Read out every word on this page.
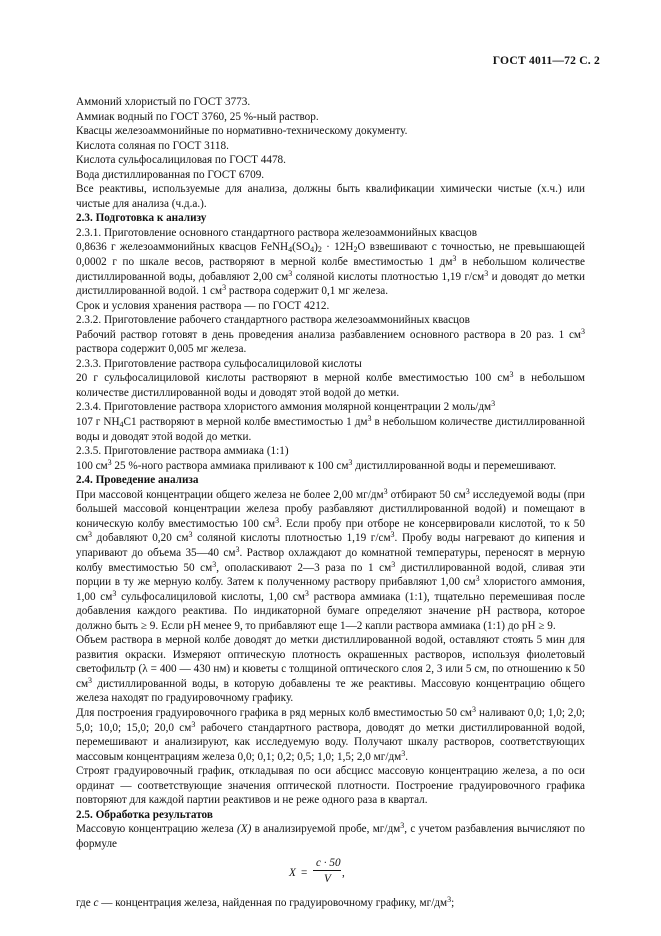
ГОСТ 4011—72 С. 2

Аммоний хлористый по ГОСТ 3773.

Аммиак водный по ГОСТ 3760, 25 %-ный раствор.

Квасцы железоаммонийные по нормативно-техническому документу.

Кислота соляная по ГОСТ 3118.

Кислота сульфосалициловая по ГОСТ 4478.

Вода дистиллированная по ГОСТ 6709.

Все реактивы, используемые для анализа, должны быть квалификации химически чистые (х.ч.) или чистые для анализа (ч.д.а.).

2.3. Подготовка к анализу

2.3.1. Приготовление основного стандартного раствора железоаммонийных квасцов

0,8636 г железоаммонийных квасцов $FeNH_4(SO_4)_2 \cdot 12H_2O$ взвешивают с точностью, не превышающей 0,0002 г по шкале весов, растворяют в мерной колбе вместимостью 1 $дм^3$ в небольшом количестве дистиллированной воды, добавляют 2,00 $см^3$ соляной кислоты плотностью 1,19 $г/см^3$ и доводят до метки дистиллированной водой. 1 $см^3$ раствора содержит 0,1 мг железа.

Срок и условия хранения раствора — по ГОСТ 4212.

2.3.2. Приготовление рабочего стандартного раствора железоаммонийных квасцов

Рабочий раствор готовят в день проведения анализа разбавлением основного раствора в 20 раз. 1 $см^3$ раствора содержит 0,005 мг железа.

2.3.3. Приготовление раствора сульфосалициловой кислоты

20 г сульфосалициловой кислоты растворяют в мерной колбе вместимостью 100 $см^3$ в небольшом количестве дистиллированной воды и доводят этой водой до метки.

2.3.4. Приготовление раствора хлористого аммония молярной концентрации 2 моль/$дм^3$

107 г $NH_4C1$ растворяют в мерной колбе вместимостью 1 $дм^3$ в небольшом количестве дистиллированной воды и доводят этой водой до метки.

2.3.5. Приготовление раствора аммиака (1:1)

100 $см^3$ 25 %-ного раствора аммиака приливают к 100 $см^3$ дистиллированной воды и перемешивают.

2.4. Проведение анализа

При массовой концентрации общего железа не более 2,00 $мг/дм^3$ отбирают 50 $см^3$ исследуемой воды (при большей массовой концентрации железа пробу разбавляют дистиллированной водой) и помещают в коническую колбу вместимостью 100 $см^3$. Если пробу при отборе не консервировали кислотой, то к 50 $см^3$ добавляют 0,20 $см^3$ соляной кислоты плотностью 1,19 $г/см^3$. Пробу воды нагревают до кипения и упаривают до объема 35—40 $см^3$. Раствор охлаждают до комнатной температуры, переносят в мерную колбу вместимостью 50 $см^3$, ополаскивают 2—3 раза по 1 $см^3$ дистиллированной водой, сливая эти порции в ту же мерную колбу. Затем к полученному раствору прибавляют 1,00 $см^3$ хлористого аммония, 1,00 $см^3$ сульфосалициловой кислоты, 1,00 $см^3$ раствора аммиака (1:1), тщательно перемешивая после добавления каждого реактива. По индикаторной бумаге определяют значение pH раствора, которое должно быть ≥ 9. Если pH менее 9, то прибавляют еще 1—2 капли раствора аммиака (1:1) до pH ≥ 9.

Объем раствора в мерной колбе доводят до метки дистиллированной водой, оставляют стоять 5 мин для развития окраски. Измеряют оптическую плотность окрашенных растворов, используя фиолетовый светофильтр (λ = 400 — 430 нм) и кюветы с толщиной оптического слоя 2, 3 или 5 см, по отношению к 50 $см^3$ дистиллированной воды, в которую добавлены те же реактивы. Массовую концентрацию общего железа находят по градуировочному графику.

Для построения градуировочного графика в ряд мерных колб вместимостью 50 $см^3$ наливают 0,0; 1,0; 2,0; 5,0; 10,0; 15,0; 20,0 $см^3$ рабочего стандартного раствора, доводят до метки дистиллированной водой, перемешивают и анализируют, как исследуемую воду. Получают шкалу растворов, соответствующих массовым концентрациям железа 0,0; 0,1; 0,2; 0,5; 1,0; 1,5; 2,0 $мг/дм^3$.

Строят градуировочный график, откладывая по оси абсцисс массовую концентрацию железа, а по оси ординат — соответствующие значения оптической плотности. Построение градуировочного графика повторяют для каждой партии реактивов и не реже одного раза в квартал.

2.5. Обработка результатов

Массовую концентрацию железа (X) в анализируемой пробе, $мг/дм^3$, с учетом разбавления вычисляют по формуле

X =
c · 50
V ,

где c — концентрация железа, найденная по градуировочному графику, $мг/дм^3$;
